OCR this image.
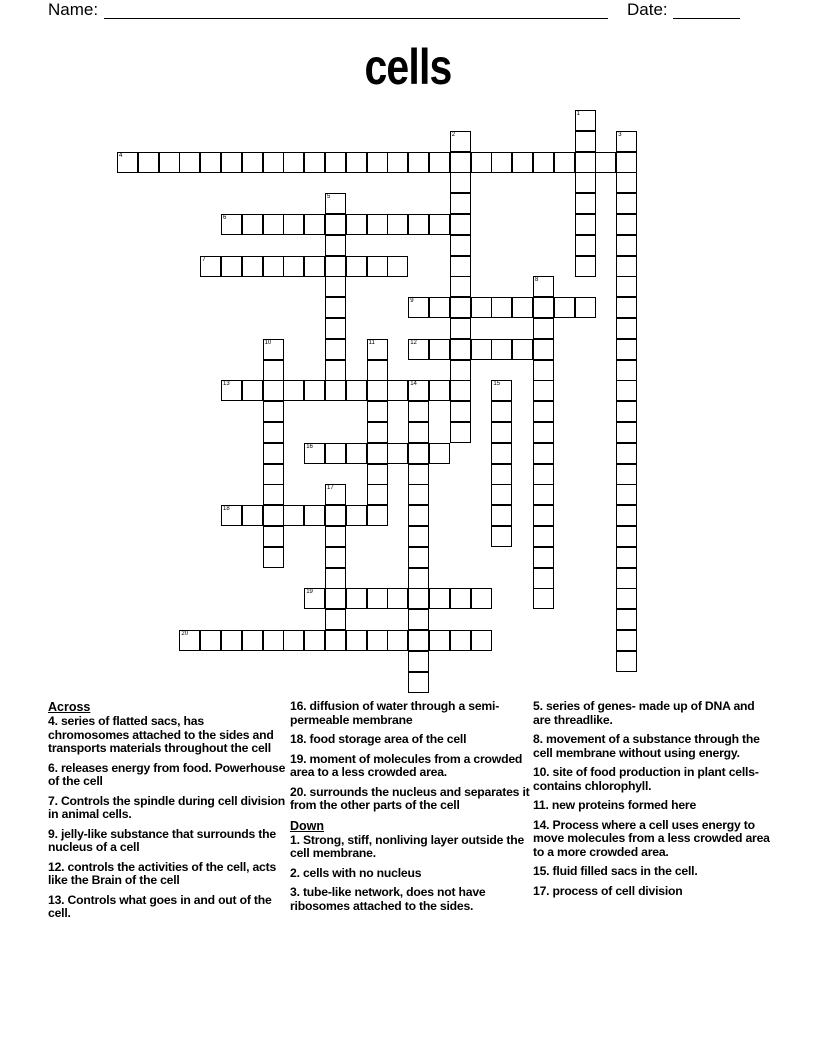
Name:	Date:
cells
1
2	3
4
5
6
7
8
9
10	11	12
13	14	15
16
17
18
19
20
Across
4. series of flatted sacs, has chromosomes attached to the sides and transports materials throughout the cell
6. releases energy from food. Powerhouse of the cell
7. Controls the spindle during cell division in animal cells.
9. jelly-like substance that surrounds the nucleus of a cell
12. controls the activities of the cell, acts like the Brain of the cell
13. Controls what goes in and out of the cell.
16. diffusion of water through a semi-permeable membrane
18. food storage area of the cell
19. moment of molecules from a crowded area to a less crowded area.
20. surrounds the nucleus and separates it from the other parts of the cell
Down
1. Strong, stiff, nonliving layer outside the cell membrane.
2. cells with no nucleus
3. tube-like network, does not have ribosomes attached to the sides.
5. series of genes- made up of DNA and are threadlike.
8. movement of a substance through the cell membrane without using energy.
10. site of food production in plant cells-contains chlorophyll.
11. new proteins formed here
14. Process where a cell uses energy to move molecules from a less crowded area to a more crowded area.
15. fluid filled sacs in the cell.
17. process of cell division
